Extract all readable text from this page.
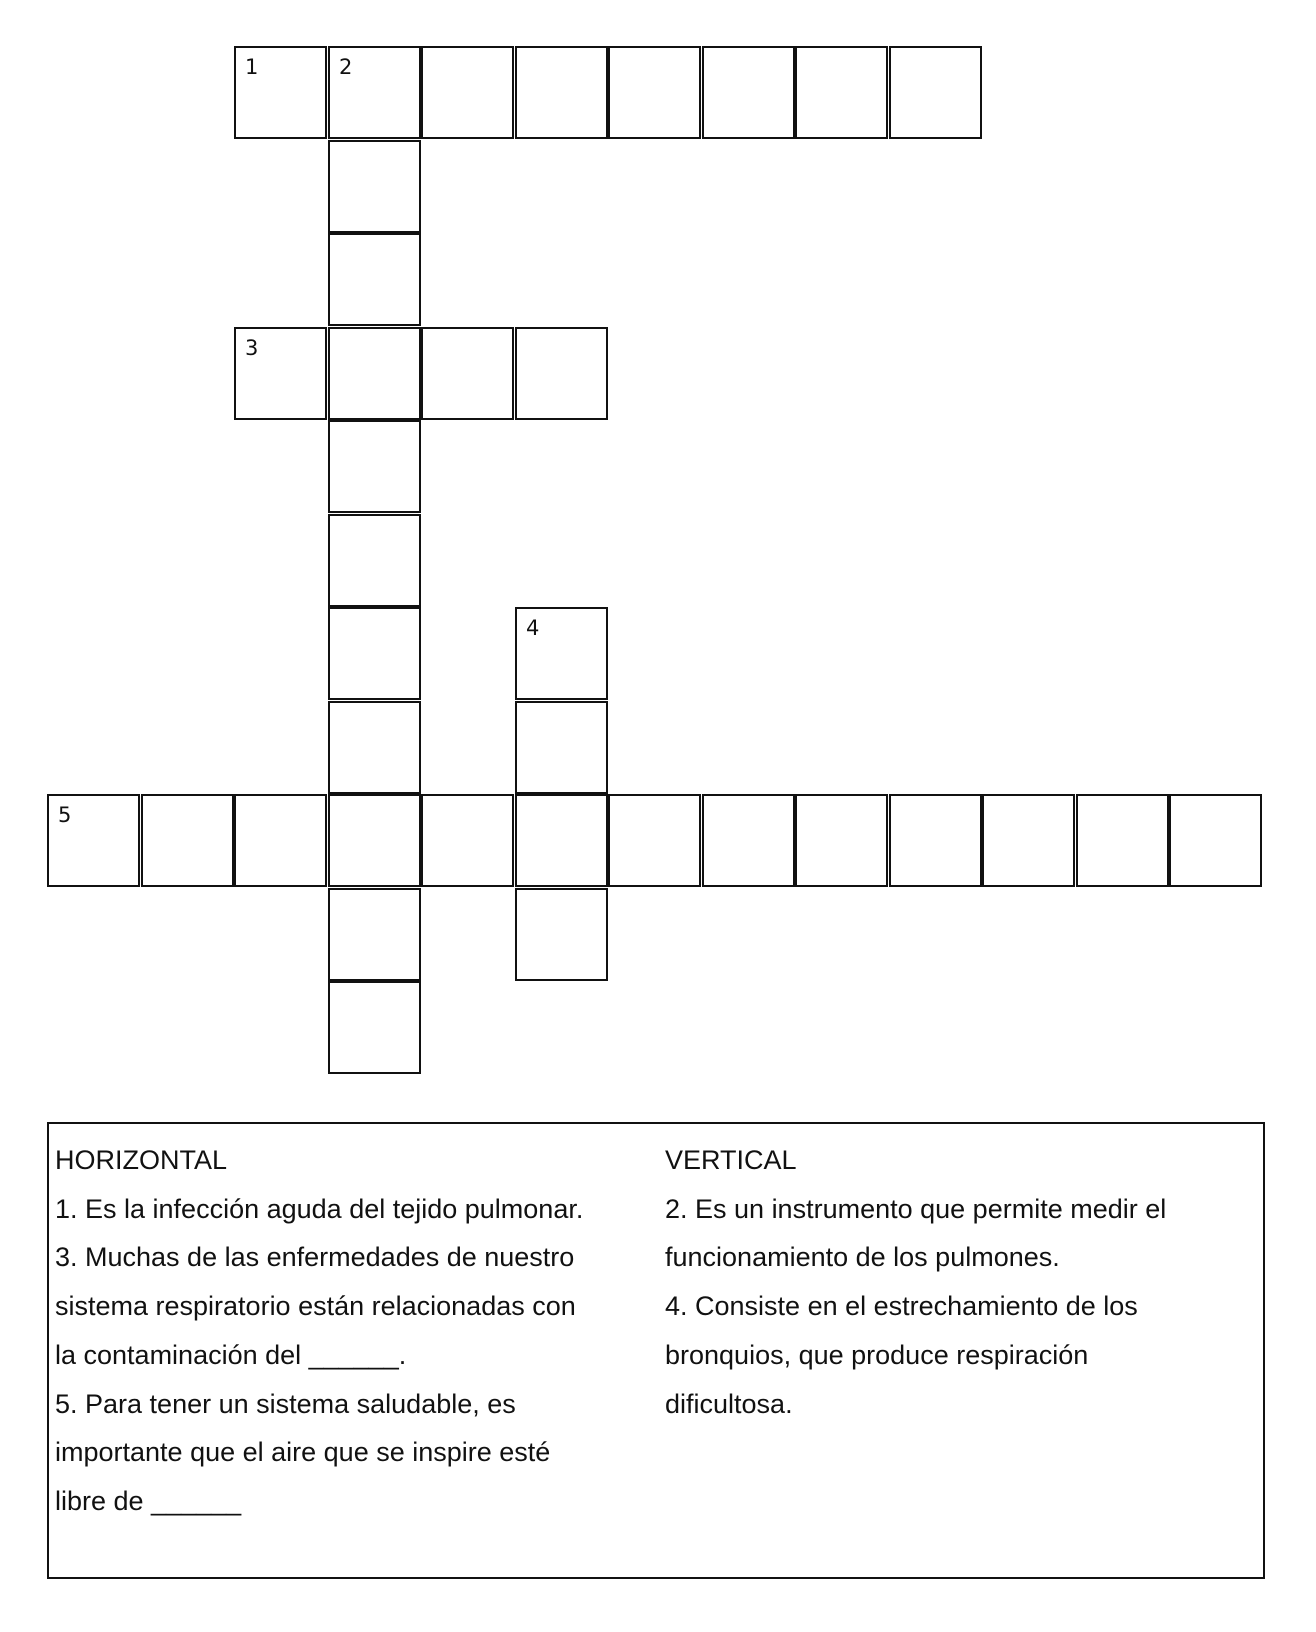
1	2
3
4
5
HORIZONTAL
1. Es la infección aguda del tejido pulmonar.
3. Muchas de las enfermedades de nuestro
sistema respiratorio están relacionadas con
la contaminación del ______.
5. Para tener un sistema saludable, es
importante que el aire que se inspire esté
libre de ______
VERTICAL
2. Es un instrumento que permite medir el
funcionamiento de los pulmones.
4. Consiste en el estrechamiento de los
bronquios, que produce respiración
dificultosa.
